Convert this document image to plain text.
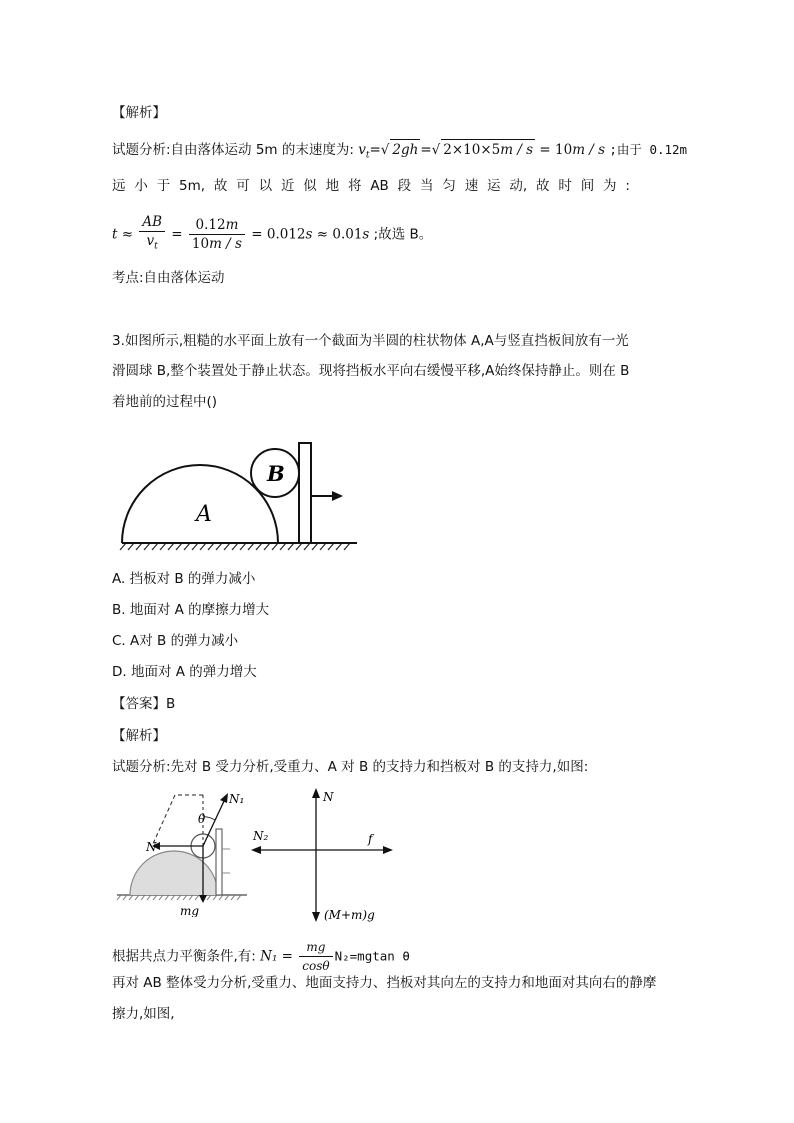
【解析】
试题分析:自由落体运动 5m 的末速度为: $v_t=√$ 2gh =√ 2×10×5m / s = 10m / s ;由于 0.12m
远 小 于 5m, 故 可 以 近 似 地 将 AB 段 当 匀 速 运 动, 故 时 间 为 :
$t \approx \frac{AB}{v_t} = \frac{0.12m}{10m / s} = 0.012s \approx 0.01s$ ;故选 B。
考点:自由落体运动
3.如图所示,粗糙的水平面上放有一个截面为半圆的柱状物体 A,A与竖直挡板间放有一光
滑圆球 B,整个装置处于静止状态。现将挡板水平向右缓慢平移,A始终保持静止。则在 B
着地前的过程中()
A
B
A. 挡板对 B 的弹力减小
B. 地面对 A 的摩擦力增大
C. A对 B 的弹力减小
D. 地面对 A 的弹力增大
【答案】B
【解析】
试题分析:先对 B 受力分析,受重力、A 对 B 的支持力和挡板对 B 的支持力,如图:
N₁
θ
N
mg
N
N₂	f
(M+m)g
根据共点力平衡条件,有: $N_1 = \frac{mg}{\cos\theta} N_2=mgtan$ θ
再对 AB 整体受力分析,受重力、地面支持力、挡板对其向左的支持力和地面对其向右的静摩
擦力,如图,
